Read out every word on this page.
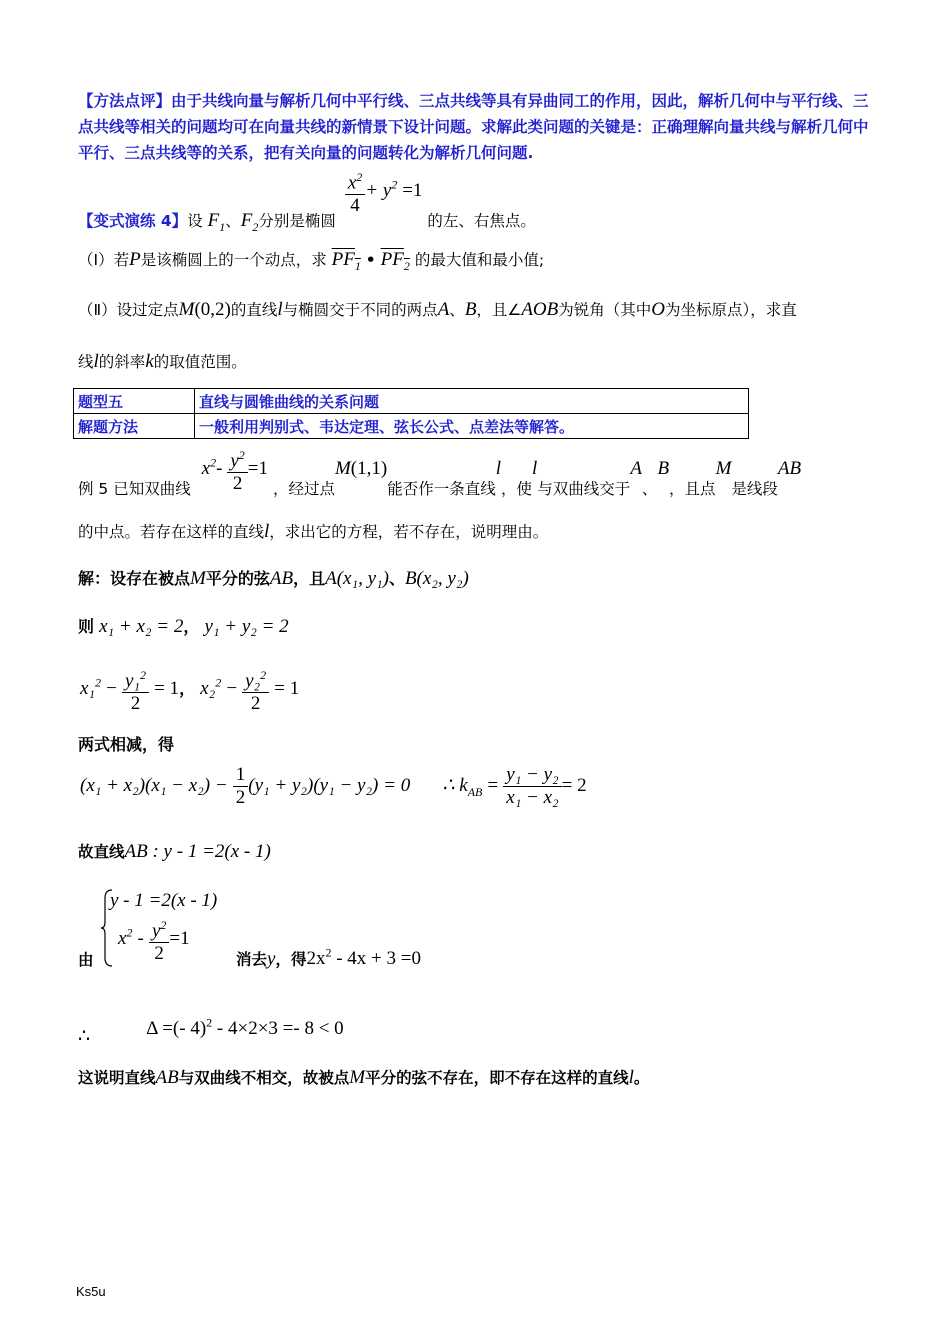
【方法点评】由于共线向量与解析几何中平行线、三点共线等具有异曲同工的作用，因此，解析几何中与平行线、三点共线等相关的问题均可在向量共线的新情景下设计问题。求解此类问题的关键是：正确理解向量共线与解析几何中平行、三点共线等的关系，把有关向量的问题转化为解析几何问题.
【变式演练 4】设 $F_1$、$F_2$分别是椭圆
$\frac{x^2}{4} + y^2 =1$ 的左、右焦点。
（Ⅰ）若P是该椭圆上的一个动点，求 $PF_1$ • $PF_2$ 的最大值和最小值;
（Ⅱ）设过定点M(0,2)的直线l与椭圆交于不同的两点A、B，且∠AOB为锐角（其中O为坐标原点），求直
线l的斜率k的取值范围。
题型五	直线与圆锥曲线的关系问题
解题方法	一般利用判别式、韦达定理、弦长公式、点差法等解答。
例 5 已知双曲线 $x^2- \frac{y^2}{2} =1$ ，经过点M(1,1)能否作一条直线l，使l与双曲线交于A、B，且点M是线段AB
的中点。若存在这样的直线l，求出它的方程，若不存在，说明理由。
解：设存在被点M平分的弦AB，且A(x₁, y₁)、B(x₂, y₂)
则 x₁ + x₂ = 2， y₁ + y₂ = 2
$x_1^2 - \frac{y_1^2}{2} = 1$， $x_2^2 - \frac{y_2^2}{2} = 1$
两式相减，得
$(x_1 + x_2)(x_1 - x_2) - \frac{1}{2} (y_1 + y_2)(y_1 - y_2) = 0$ ∴ $k_{AB} = \frac{\text{y₁ − y₂}}{\text{x₁ − x₂}} = 2$
故直线AB : y - 1 =2(x - 1)
由
y - 1 =2(x - 1)
$x^2 - \frac{y^2}{2} =1$
消去y，得$2x^2 - 4x + 3 =0$
∴	Δ =(- 4)$^2$ - 4×2×3 =- 8 < 0
这说明直线AB与双曲线不相交，故被点M平分的弦不存在，即不存在这样的直线l。
Ks5u
